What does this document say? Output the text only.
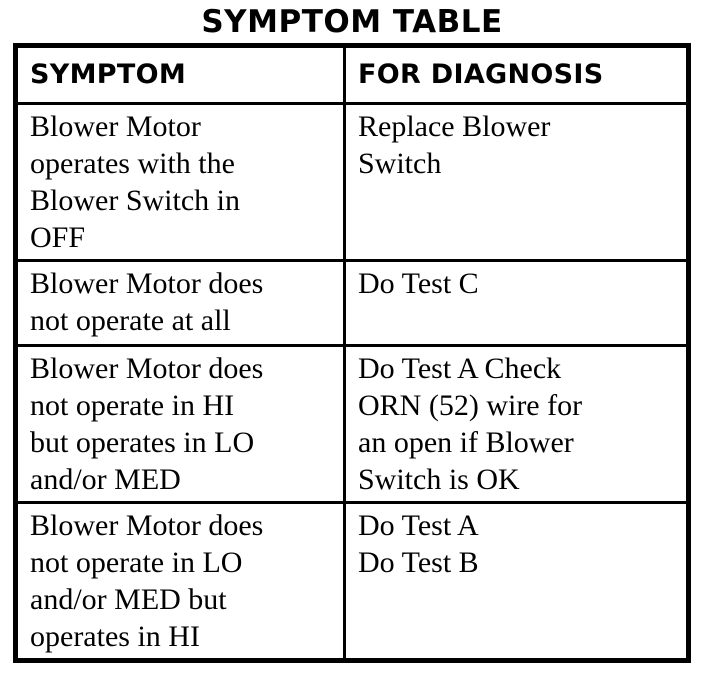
SYMPTOM TABLE
SYMPTOM	FOR DIAGNOSIS

Blower Motor
operates with the
Blower Switch in
OFF	Replace Blower
Switch

Blower Motor does
not operate at all	Do Test C

Blower Motor does
not operate in HI
but operates in LO
and/or MED	Do Test A Check
ORN (52) wire for
an open if Blower
Switch is OK

Blower Motor does
not operate in LO
and/or MED but
operates in HI	Do Test A
Do Test B
